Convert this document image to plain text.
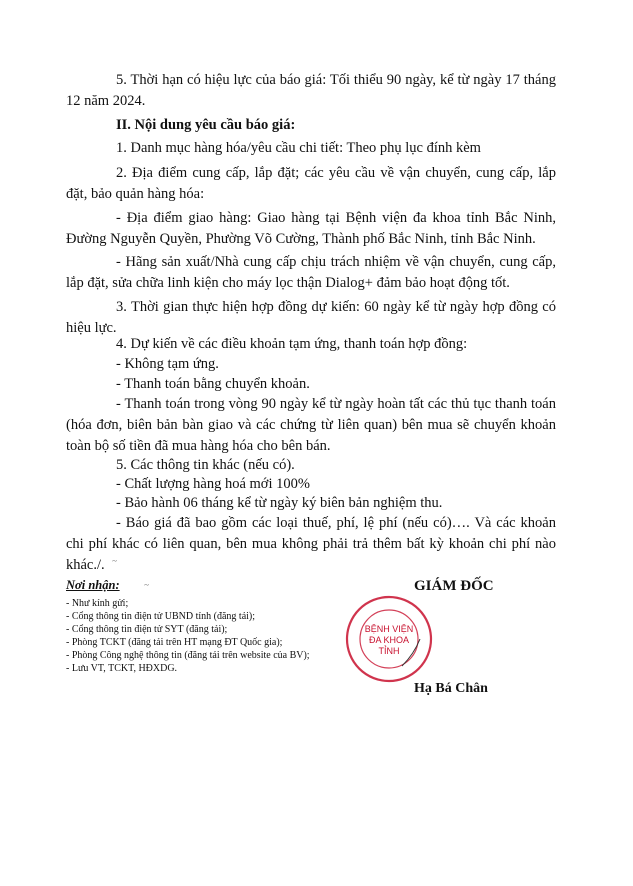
5. Thời hạn có hiệu lực của báo giá: Tối thiểu 90 ngày, kể từ ngày 17 tháng 12 năm 2024.
II. Nội dung yêu cầu báo giá:
1. Danh mục hàng hóa/yêu cầu chi tiết: Theo phụ lục đính kèm
2. Địa điểm cung cấp, lắp đặt; các yêu cầu về vận chuyển, cung cấp, lắp đặt, bảo quản hàng hóa:
- Địa điểm giao hàng: Giao hàng tại Bệnh viện đa khoa tỉnh Bắc Ninh, Đường Nguyễn Quyền, Phường Võ Cường, Thành phố Bắc Ninh, tỉnh Bắc Ninh.
- Hãng sản xuất/Nhà cung cấp chịu trách nhiệm về vận chuyển, cung cấp, lắp đặt, sửa chữa linh kiện cho máy lọc thận Dialog+ đảm bảo hoạt động tốt.
3. Thời gian thực hiện hợp đồng dự kiến: 60 ngày kể từ ngày hợp đồng có hiệu lực.
4. Dự kiến về các điều khoản tạm ứng, thanh toán hợp đồng:
- Không tạm ứng.
- Thanh toán bằng chuyển khoản.
- Thanh toán trong vòng 90 ngày kể từ ngày hoàn tất các thủ tục thanh toán (hóa đơn, biên bản bàn giao và các chứng từ liên quan) bên mua sẽ chuyển khoản toàn bộ số tiền đã mua hàng hóa cho bên bán.
5. Các thông tin khác (nếu có).
- Chất lượng hàng hoá mới 100%
- Bảo hành 06 tháng kể từ ngày ký biên bản nghiệm thu.
- Báo giá đã bao gồm các loại thuế, phí, lệ phí (nếu có)…. Và các khoản chi phí khác có liên quan, bên mua không phải trả thêm bất kỳ khoản chi phí nào khác./. ~
Nơi nhận:	~
- Như kính gửi;
- Cổng thông tin điện tử UBND tỉnh (đăng tải);
- Cổng thông tin điện tử SYT (đăng tải);
- Phòng TCKT (đăng tải trên HT mạng ĐT Quốc gia);
- Phòng Công nghệ thông tin (đăng tải trên website của BV);
- Lưu VT, TCKT, HĐXDG.
GIÁM ĐỐC
BỆNH VIỆN
ĐA KHOA
TỈNH
Hạ Bá Chân
